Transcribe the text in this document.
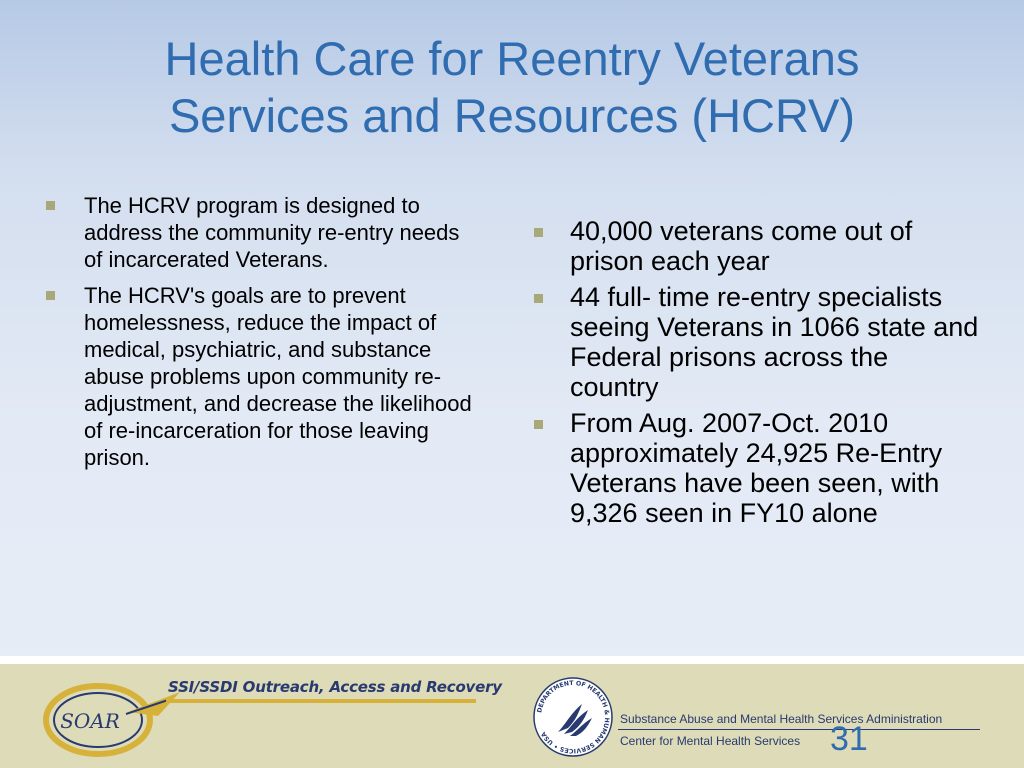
Health Care for Reentry Veterans
Services and Resources (HCRV)
The HCRV program is designed to address the community re-entry needs of incarcerated Veterans.
The HCRV's goals are to prevent homelessness, reduce the impact of medical, psychiatric, and substance abuse problems upon community re-adjustment, and decrease the likelihood of re-incarceration for those leaving prison.
40,000 veterans come out of prison each year
44 full- time re-entry specialists seeing Veterans in 1066 state and Federal prisons across the country
From Aug. 2007-Oct. 2010 approximately 24,925 Re-Entry Veterans have been seen, with 9,326 seen in FY10 alone
SOAR
SSI/SSDI Outreach, Access and Recovery
DEPARTMENT OF HEALTH & HUMAN SERVICES • USA
Substance Abuse and Mental Health Services Administration
Center for Mental Health Services 31
